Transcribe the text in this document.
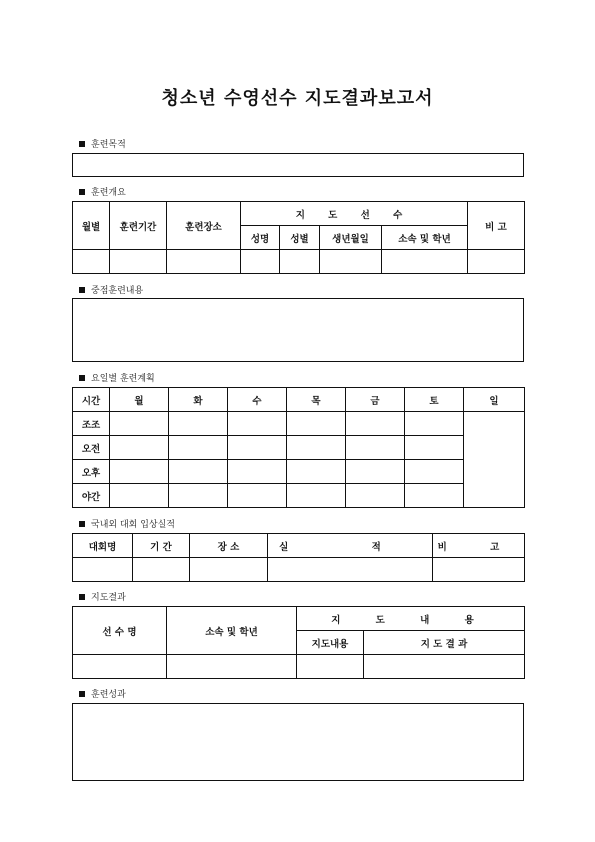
청소년 수영선수 지도결과보고서
훈련목적
훈련개요
월별	훈련기간	훈련장소	지 도 선 수				비 고
			성명	성별	생년월일	소속 및 학년	

중점훈련내용
요일별 훈련계획
시간	월	화	수	목	금	토	일
조조							
오전							
오후							
야간							
국내외 대회 입상실적
대회명	기 간	장 소	실 적	비 고

지도결과
선 수 명	소속 및 학년	지 도 내 용	
		지도내용	지 도 결 과

훈련성과
